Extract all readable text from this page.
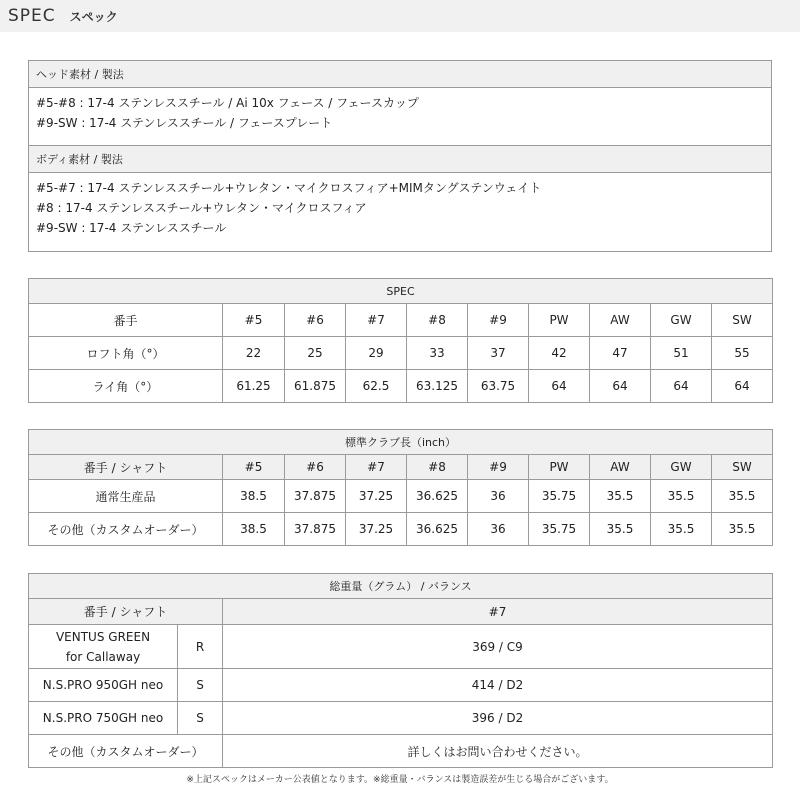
SPEC スペック
ヘッド素材 / 製法

#5-#8 : 17-4 ステンレススチール / Ai 10x フェース / フェースカップ
#9-SW : 17-4 ステンレススチール / フェースプレート

ボディ素材 / 製法

#5-#7 : 17-4 ステンレススチール+ウレタン・マイクロスフィア+MIMタングステンウェイト
#8 : 17-4 ステンレススチール+ウレタン・マイクロスフィア
#9-SW : 17-4 ステンレススチール
SPEC									
番手	#5	#6	#7	#8	#9	PW	AW	GW	SW
ロフト角（°）	22	25	29	33	37	42	47	51	55
ライ角（°）	61.25	61.875	62.5	63.125	63.75	64	64	64	64
標準クラブ長（inch）									
番手 / シャフト	#5	#6	#7	#8	#9	PW	AW	GW	SW
通常生産品	38.5	37.875	37.25	36.625	36	35.75	35.5	35.5	35.5
その他（カスタムオーダー）	38.5	37.875	37.25	36.625	36	35.75	35.5	35.5	35.5
総重量（グラム） / バランス		
番手 / シャフト		#7

VENTUS GREEN
for Callaway	R	369 / C9
N.S.PRO 950GH neo	S	414 / D2
N.S.PRO 750GH neo	S	396 / D2
その他（カスタムオーダー）		詳しくはお問い合わせください。
※上記スペックはメーカー公表値となります。※総重量・バランスは製造誤差が生じる場合がございます。
